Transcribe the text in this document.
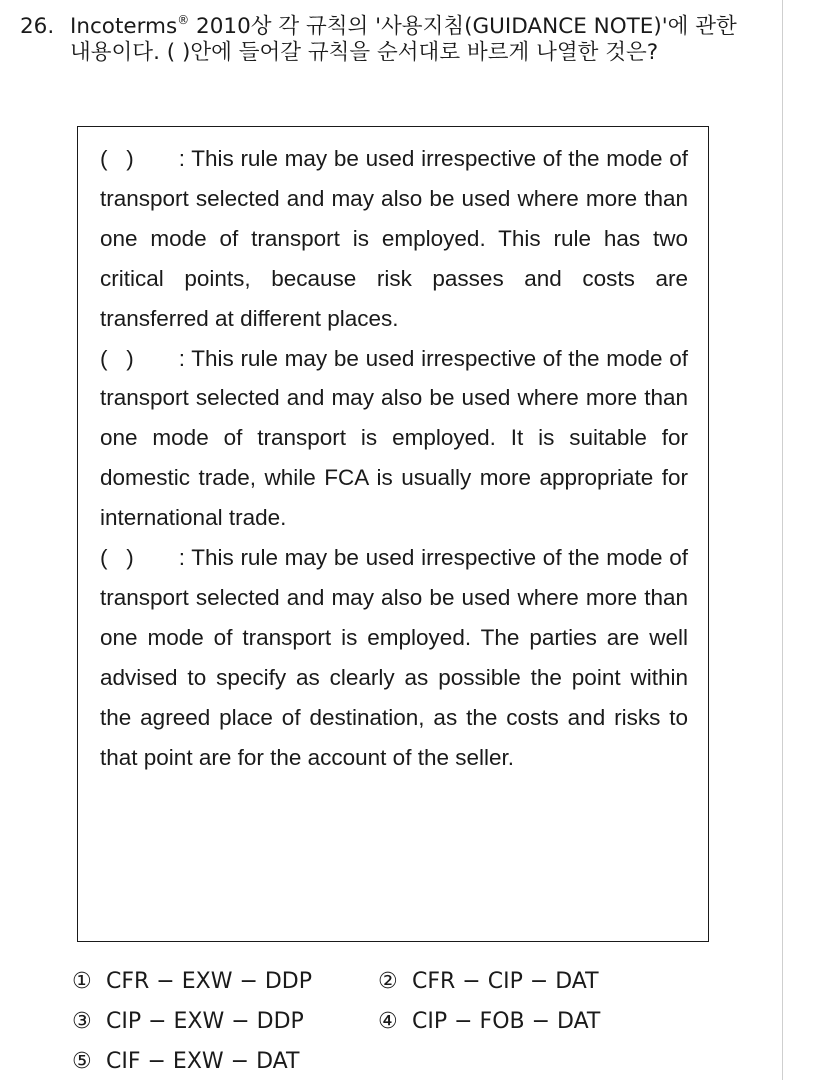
26. Incoterms® 2010상 각 규칙의 '사용지침(GUIDANCE NOTE)'에 관한 내용이다. ( )안에 들어갈 규칙을 순서대로 바르게 나열한 것은?

(   ) : This rule may be used irrespective of the mode of transport selected and may also be used where more than one mode of transport is employed. This rule has two critical points, because risk passes and costs are transferred at different places.

(   ) : This rule may be used irrespective of the mode of transport selected and may also be used where more than one mode of transport is employed. It is suitable for domestic trade, while FCA is usually more appropriate for international trade.

(   ) : This rule may be used irrespective of the mode of transport selected and may also be used where more than one mode of transport is employed. The parties are well advised to specify as clearly as possible the point within the agreed place of destination, as the costs and risks to that point are for the account of the seller.

① CFR − EXW − DDP	② CFR − CIP − DAT
③ CIP − EXW − DDP	④ CIP − FOB − DAT
⑤ CIF − EXW − DAT
